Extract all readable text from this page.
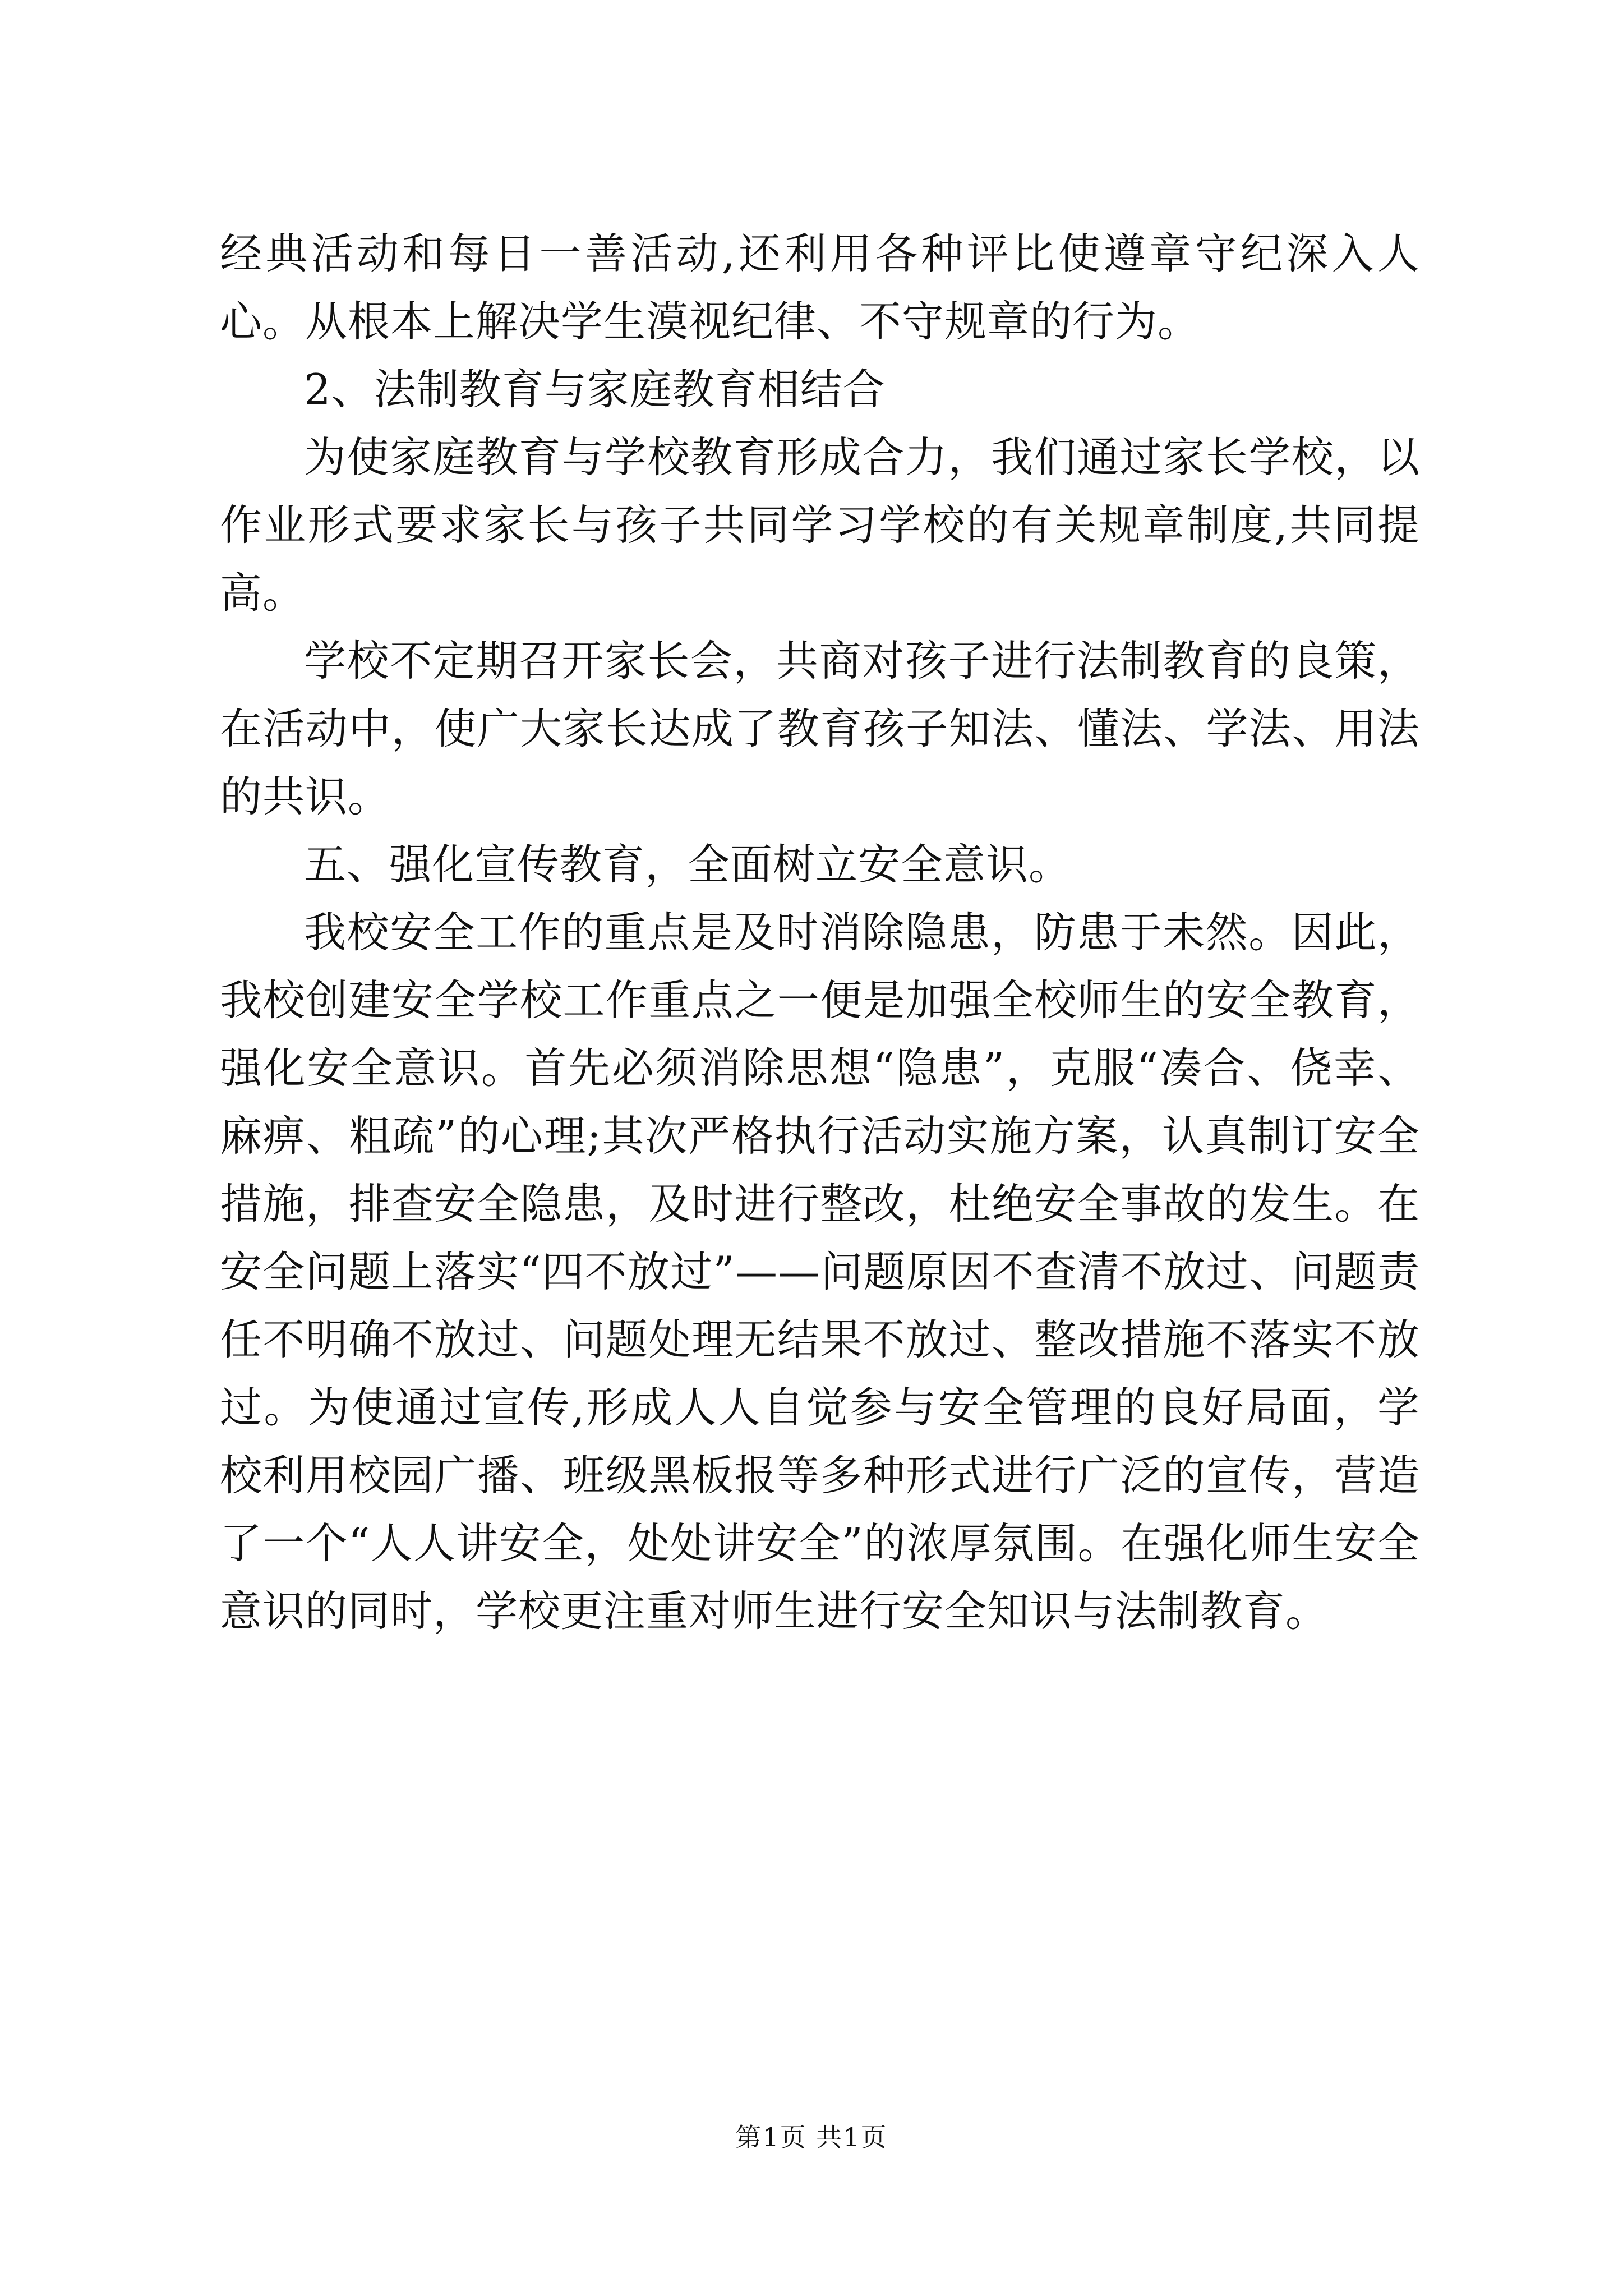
经典活动和每日一善活动,还利用各种评比使遵章守纪深入人心。从根本上解决学生漠视纪律、不守规章的行为。

2、法制教育与家庭教育相结合

为使家庭教育与学校教育形成合力，我们通过家长学校，以作业形式要求家长与孩子共同学习学校的有关规章制度,共同提高。

学校不定期召开家长会，共商对孩子进行法制教育的良策，在活动中，使广大家长达成了教育孩子知法、懂法、学法、用法的共识。

五、强化宣传教育，全面树立安全意识。

我校安全工作的重点是及时消除隐患，防患于未然。因此，我校创建安全学校工作重点之一便是加强全校师生的安全教育，强化安全意识。首先必须消除思想“隐患”，克服“凑合、侥幸、麻痹、粗疏”的心理;其次严格执行活动实施方案，认真制订安全措施，排查安全隐患，及时进行整改，杜绝安全事故的发生。在安全问题上落实“四不放过”——问题原因不查清不放过、问题责任不明确不放过、问题处理无结果不放过、整改措施不落实不放过。为使通过宣传,形成人人自觉参与安全管理的良好局面，学校利用校园广播、班级黑板报等多种形式进行广泛的宣传，营造了一个“人人讲安全，处处讲安全”的浓厚氛围。在强化师生安全意识的同时，学校更注重对师生进行安全知识与法制教育。

第1页 共1页
